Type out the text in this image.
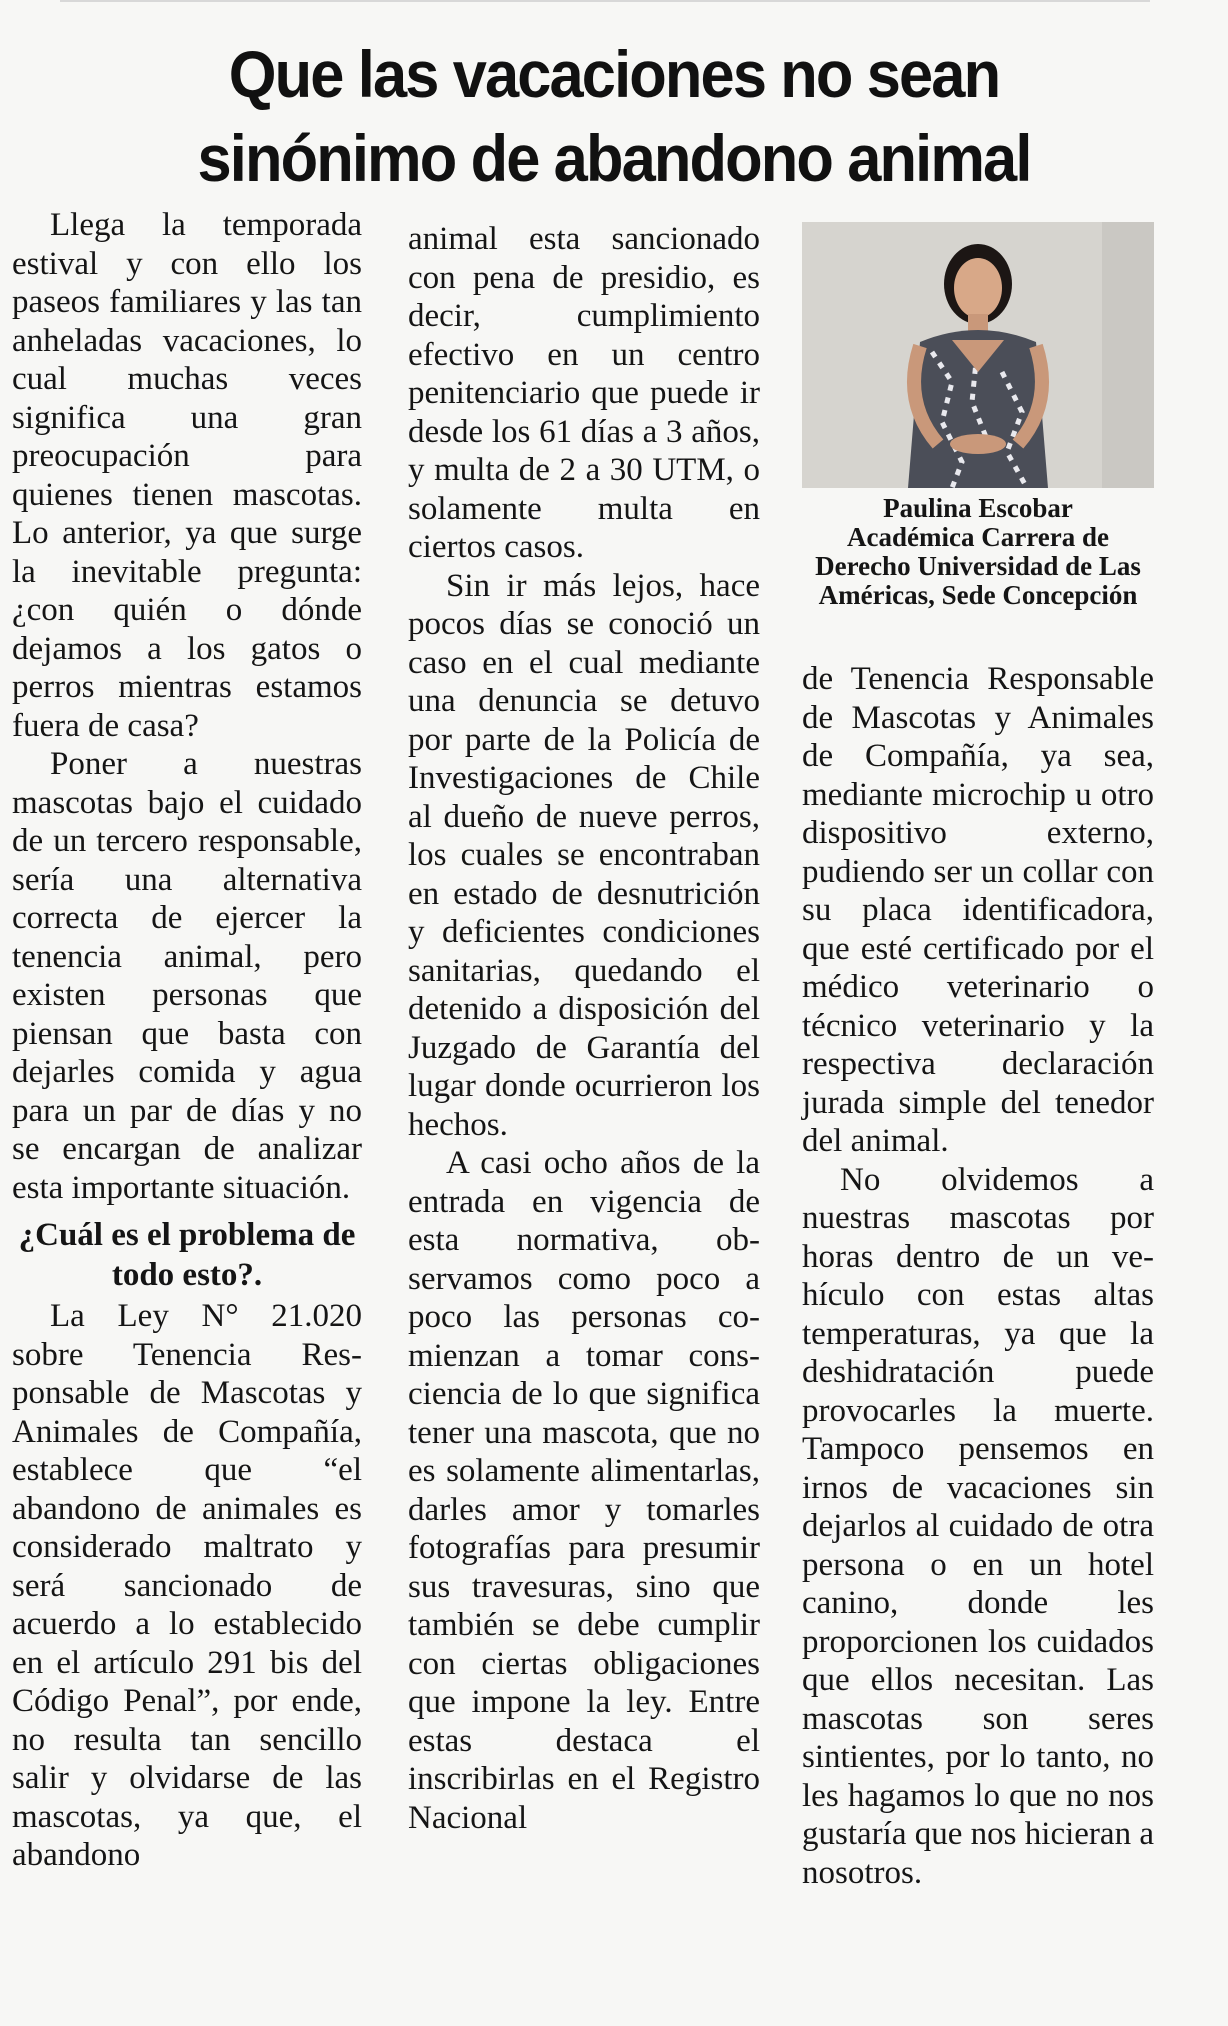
Que las vacaciones no sean
sinónimo de abandono animal

Llega la temporada estival y con ello los paseos familiares y las tan anheladas vacaciones, lo cual muchas veces significa una gran preocupación para quienes tienen mascotas. Lo anterior, ya que surge la inevitable pregunta: ¿con quién o dónde dejamos a los gatos o perros mientras estamos fuera de casa?

Poner a nuestras mascotas bajo el cuidado de un tercero responsable, sería una alternativa correcta de ejercer la tenencia animal, pero existen personas que piensan que basta con dejarles comida y agua para un par de días y no se encargan de analizar esta importante situación.

¿Cuál es el problema de todo esto?.

La Ley N° 21.020 sobre Tenencia Responsable de Mascotas y Animales de Compañía, establece que “el abandono de animales es considerado maltrato y será sancionado de acuerdo a lo establecido en el artículo 291 bis del Código Penal”, por ende, no resulta tan sencillo salir y olvidarse de las mascotas, ya que, el abandono

animal esta sancionado con pena de presidio, es decir, cumplimiento efectivo en un centro penitenciario que puede ir desde los 61 días a 3 años, y multa de 2 a 30 UTM, o solamente multa en ciertos casos.

Sin ir más lejos, hace pocos días se conoció un caso en el cual mediante una denuncia se detuvo por parte de la Policía de Investigaciones de Chile al dueño de nueve perros, los cuales se encontraban en estado de desnutrición y deficientes condiciones sanitarias, quedando el detenido a disposición del Juzgado de Garantía del lugar donde ocurrieron los hechos.

A casi ocho años de la entrada en vigencia de esta normativa, observamos como poco a poco las personas comienzan a tomar consciencia de lo que significa tener una mascota, que no es solamente alimentarlas, darles amor y tomarles fotografías para presumir sus travesuras, sino que también se debe cumplir con ciertas obligaciones que impone la ley. Entre estas destaca el inscribirlas en el Registro Nacional

Paulina Escobar
Académica Carrera de Derecho Universidad de Las Américas, Sede Concepción

de Tenencia Responsable de Mascotas y Animales de Compañía, ya sea, mediante microchip u otro dispositivo externo, pudiendo ser un collar con su placa identificadora, que esté certificado por el médico veterinario o técnico veterinario y la respectiva declaración jurada simple del tenedor del animal.

No olvidemos a nuestras mascotas por horas dentro de un vehículo con estas altas temperaturas, ya que la deshidratación puede provocarles la muerte. Tampoco pensemos en irnos de vacaciones sin dejarlos al cuidado de otra persona o en un hotel canino, donde les proporcionen los cuidados que ellos necesitan. Las mascotas son seres sintientes, por lo tanto, no les hagamos lo que no nos gustaría que nos hicieran a nosotros.
